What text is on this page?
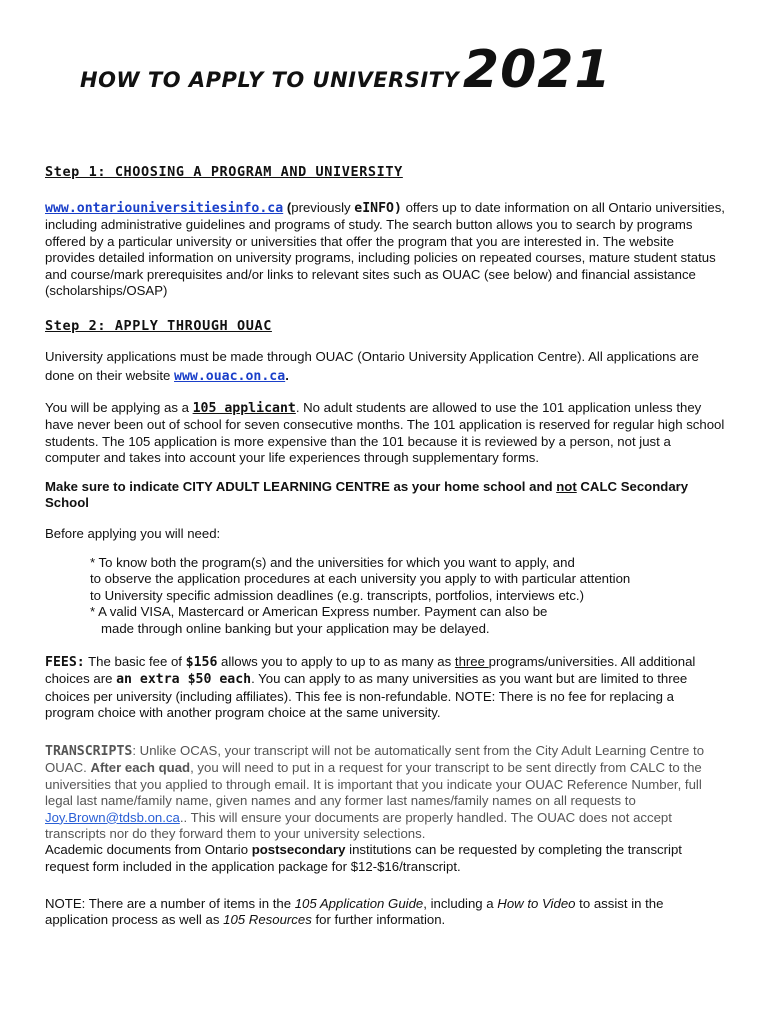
HOW TO APPLY TO UNIVERSITY 2021
Step 1: CHOOSING A PROGRAM AND UNIVERSITY
www.ontariouniversitiesinfo.ca (previously eINFO) offers up to date information on all Ontario universities, including administrative guidelines and programs of study. The search button allows you to search by programs offered by a particular university or universities that offer the program that you are interested in. The website provides detailed information on university programs, including policies on repeated courses, mature student status and course/mark prerequisites and/or links to relevant sites such as OUAC (see below) and financial assistance (scholarships/OSAP)
Step 2: APPLY THROUGH OUAC
University applications must be made through OUAC (Ontario University Application Centre). All applications are done on their website www.ouac.on.ca.
You will be applying as a 105 applicant. No adult students are allowed to use the 101 application unless they have never been out of school for seven consecutive months. The 101 application is reserved for regular high school students. The 105 application is more expensive than the 101 because it is reviewed by a person, not just a computer and takes into account your life experiences through supplementary forms.
Make sure to indicate CITY ADULT LEARNING CENTRE as your home school and not CALC Secondary School
Before applying you will need:
* To know both the program(s) and the universities for which you want to apply, and
to observe the application procedures at each university you apply to with particular attention
to University specific admission deadlines (e.g. transcripts, portfolios, interviews etc.)
* A valid VISA, Mastercard or American Express number. Payment can also be
made through online banking but your application may be delayed.
FEES: The basic fee of $156 allows you to apply to up to as many as three programs/universities. All additional choices are an extra $50 each. You can apply to as many universities as you want but are limited to three choices per university (including affiliates). This fee is non-refundable. NOTE: There is no fee for replacing a program choice with another program choice at the same university.
TRANSCRIPTS: Unlike OCAS, your transcript will not be automatically sent from the City Adult Learning Centre to OUAC. After each quad, you will need to put in a request for your transcript to be sent directly from CALC to the universities that you applied to through email. It is important that you indicate your OUAC Reference Number, full legal last name/family name, given names and any former last names/family names on all requests to Joy.Brown@tdsb.on.ca.. This will ensure your documents are properly handled. The OUAC does not accept transcripts nor do they forward them to your university selections.
Academic documents from Ontario postsecondary institutions can be requested by completing the transcript request form included in the application package for $12-$16/transcript.
NOTE: There are a number of items in the 105 Application Guide, including a How to Video to assist in the application process as well as 105 Resources for further information.
